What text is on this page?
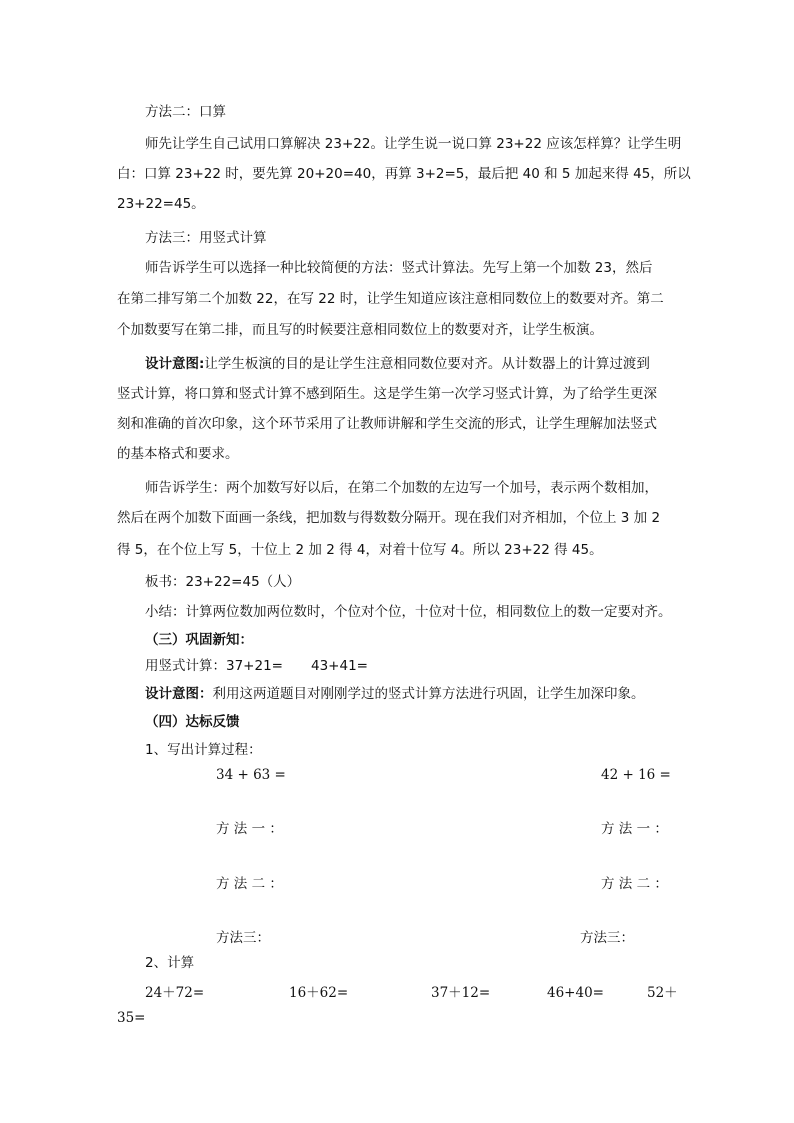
方法二：口算
师先让学生自己试用口算解决 23+22。让学生说一说口算 23+22 应该怎样算？让学生明
白：口算 23+22 时，要先算 20+20=40，再算 3+2=5，最后把 40 和 5 加起来得 45，所以
23+22=45。
方法三：用竖式计算
师告诉学生可以选择一种比较简便的方法：竖式计算法。先写上第一个加数 23，然后
在第二排写第二个加数 22，在写 22 时，让学生知道应该注意相同数位上的数要对齐。第二
个加数要写在第二排，而且写的时候要注意相同数位上的数要对齐，让学生板演。
设计意图:让学生板演的目的是让学生注意相同数位要对齐。从计数器上的计算过渡到
竖式计算，将口算和竖式计算不感到陌生。这是学生第一次学习竖式计算，为了给学生更深
刻和准确的首次印象，这个环节采用了让教师讲解和学生交流的形式，让学生理解加法竖式
的基本格式和要求。
师告诉学生：两个加数写好以后，在第二个加数的左边写一个加号，表示两个数相加，
然后在两个加数下面画一条线，把加数与得数数分隔开。现在我们对齐相加，个位上 3 加 2
得 5，在个位上写 5，十位上 2 加 2 得 4，对着十位写 4。所以 23+22 得 45。
板书：23+22=45（人）
小结：计算两位数加两位数时，个位对个位，十位对十位，相同数位上的数一定要对齐。
（三）巩固新知：
用竖式计算：37+21= 43+41=
设计意图：利用这两道题目对刚刚学过的竖式计算方法进行巩固，让学生加深印象。
（四）达标反馈
1、写出计算过程：
34 + 63 =	42 + 16 =
方 法 一 ：	方 法 一 ：
方 法 二 ：	方 法 二 ：
方法三：	方法三：
2、计算
24＋72=	16＋62=	37＋12=	46+40=	52＋
35=
